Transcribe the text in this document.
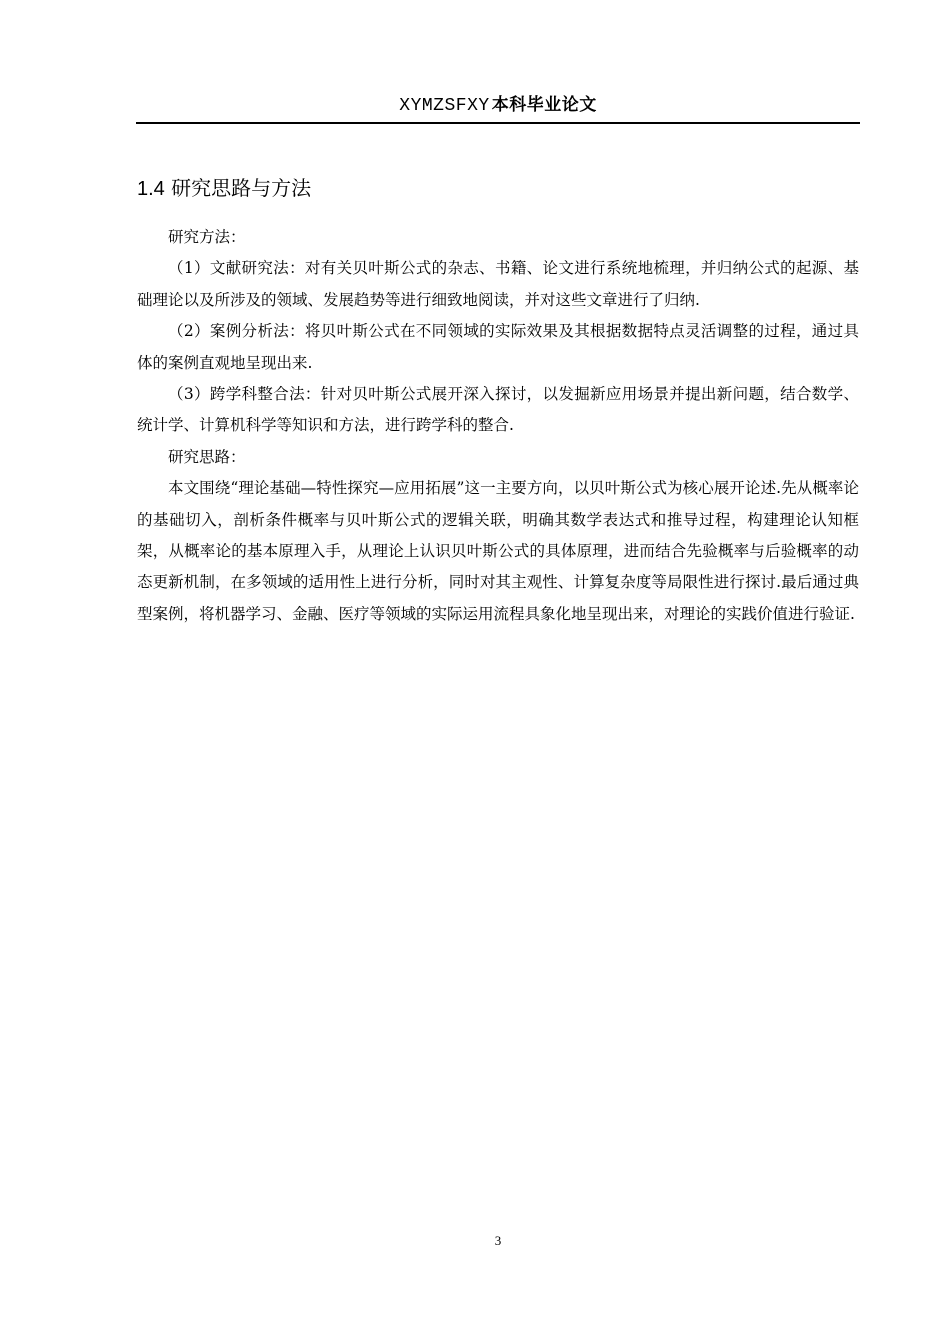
XYMZSFXY 本科毕业论文
1.4 研究思路与方法

研究方法：

（1）文献研究法：对有关贝叶斯公式的杂志、书籍、论文进行系统地梳理，并归纳公式的起源、基础理论以及所涉及的领域、发展趋势等进行细致地阅读，并对这些文章进行了归纳.

（2）案例分析法：将贝叶斯公式在不同领域的实际效果及其根据数据特点灵活调整的过程，通过具体的案例直观地呈现出来.

（3）跨学科整合法：针对贝叶斯公式展开深入探讨，以发掘新应用场景并提出新问题，结合数学、统计学、计算机科学等知识和方法，进行跨学科的整合.

研究思路：

本文围绕“理论基础—特性探究—应用拓展”这一主要方向，以贝叶斯公式为核心展开论述.先从概率论的基础切入，剖析条件概率与贝叶斯公式的逻辑关联，明确其数学表达式和推导过程，构建理论认知框架，从概率论的基本原理入手，从理论上认识贝叶斯公式的具体原理，进而结合先验概率与后验概率的动态更新机制，在多领域的适用性上进行分析，同时对其主观性、计算复杂度等局限性进行探讨.最后通过典型案例，将机器学习、金融、医疗等领域的实际运用流程具象化地呈现出来，对理论的实践价值进行验证.

3
